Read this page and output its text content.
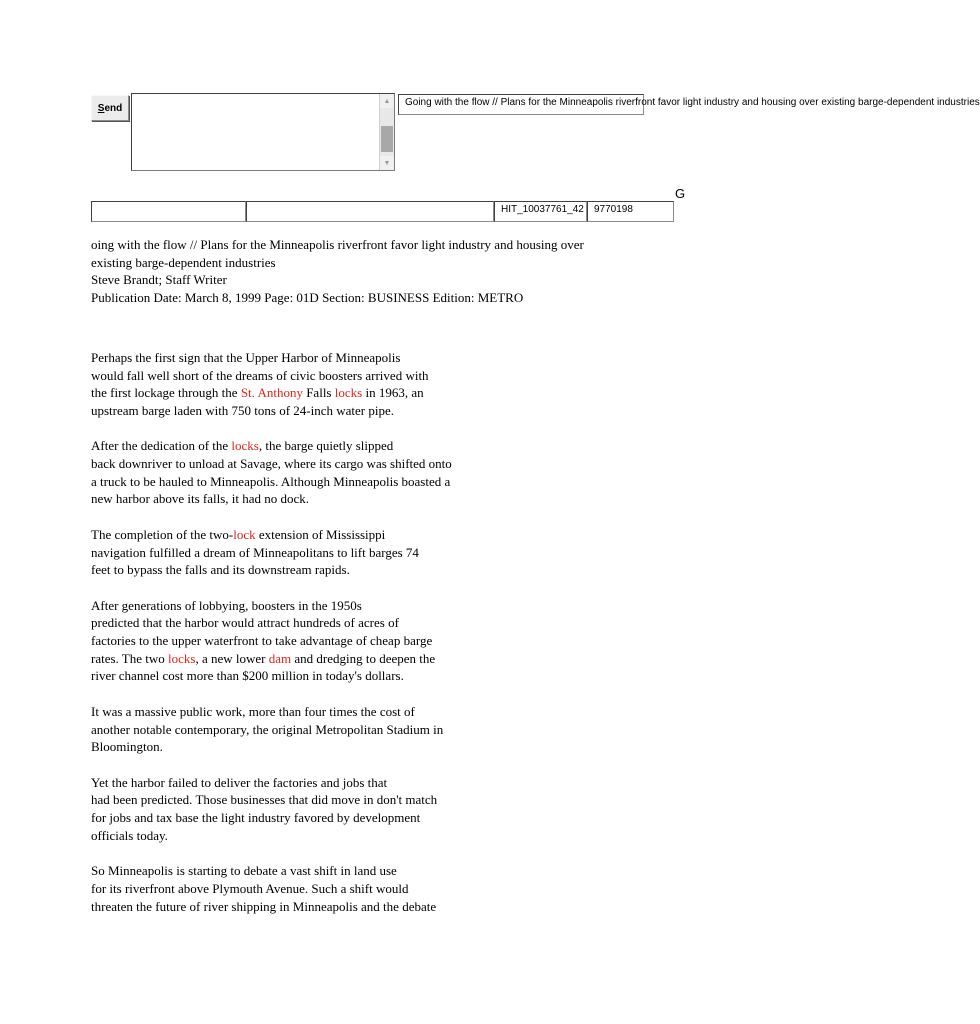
Send
▲
▼
Going with the flow // Plans for the Minneapolis riverfront favor light industry and housing over existing barge-dependent industries
G
HIT_10037761_42	9770198
oing with the flow // Plans for the Minneapolis riverfront favor light industry and housing over
existing barge-dependent industries
Steve Brandt; Staff Writer
Publication Date: March 8, 1999 Page: 01D Section: BUSINESS Edition: METRO
Perhaps the first sign that the Upper Harbor of Minneapolis
would fall well short of the dreams of civic boosters arrived with
the first lockage through the St. Anthony Falls locks in 1963, an
upstream barge laden with 750 tons of 24-inch water pipe.
After the dedication of the locks, the barge quietly slipped
back downriver to unload at Savage, where its cargo was shifted onto
a truck to be hauled to Minneapolis. Although Minneapolis boasted a
new harbor above its falls, it had no dock.
The completion of the two-lock extension of Mississippi
navigation fulfilled a dream of Minneapolitans to lift barges 74
feet to bypass the falls and its downstream rapids.
After generations of lobbying, boosters in the 1950s
predicted that the harbor would attract hundreds of acres of
factories to the upper waterfront to take advantage of cheap barge
rates. The two locks, a new lower dam and dredging to deepen the
river channel cost more than $200 million in today's dollars.
It was a massive public work, more than four times the cost of
another notable contemporary, the original Metropolitan Stadium in
Bloomington.
Yet the harbor failed to deliver the factories and jobs that
had been predicted. Those businesses that did move in don't match
for jobs and tax base the light industry favored by development
officials today.
So Minneapolis is starting to debate a vast shift in land use
for its riverfront above Plymouth Avenue. Such a shift would
threaten the future of river shipping in Minneapolis and the debate
